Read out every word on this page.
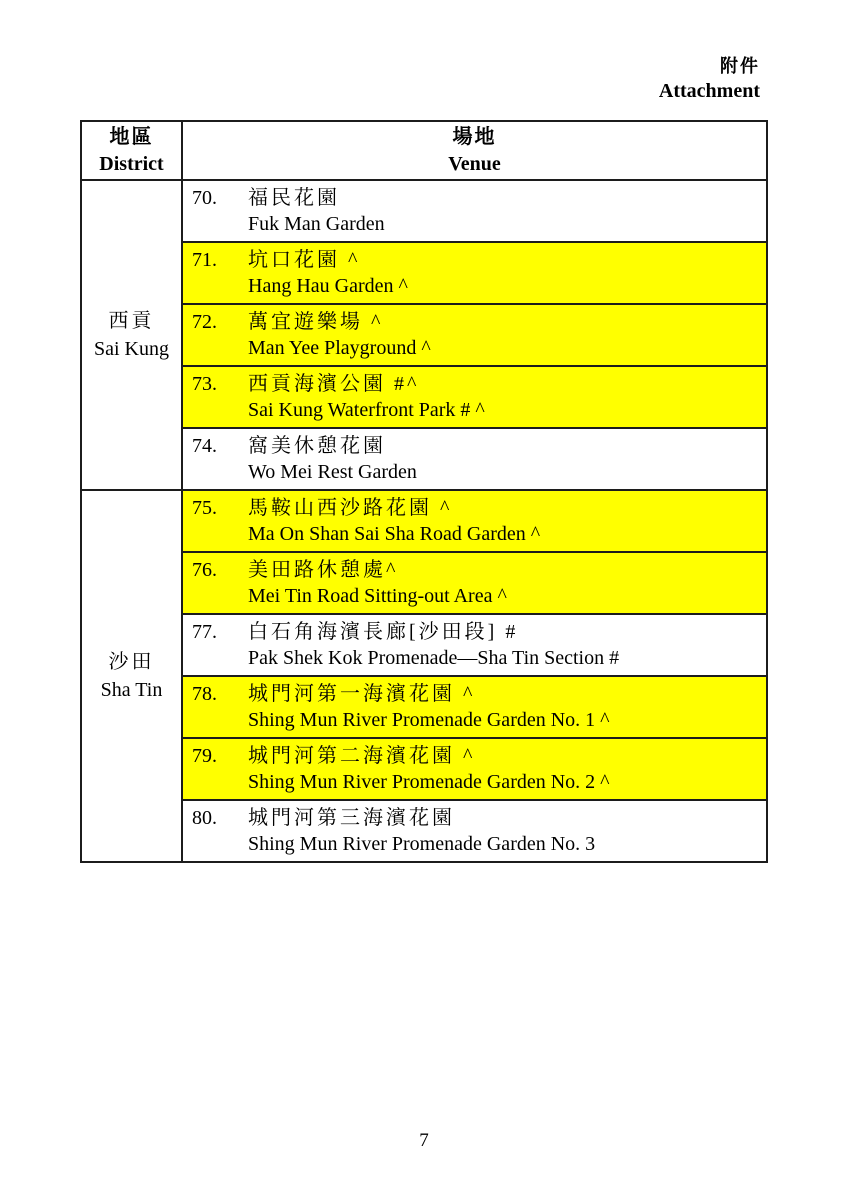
附件
Attachment
地區
District

場地
Venue

西貢
Sai Kung

70.	福民花園
Fuk Man Garden

	71. 坑口花園 ^
Hang Hau Garden ^

	72. 萬宜遊樂場 ^
Man Yee Playground ^

	73. 西貢海濱公園 #^
Sai Kung Waterfront Park # ^

	74. 窩美休憩花園
Wo Mei Rest Garden

沙田
Sha Tin

75.	馬鞍山西沙路花園 ^
Ma On Shan Sai Sha Road Garden ^

	76. 美田路休憩處^
Mei Tin Road Sitting-out Area ^

	77. 白石角海濱長廊[沙田段] #
Pak Shek Kok Promenade—Sha Tin Section #

	78. 城門河第一海濱花園 ^
Shing Mun River Promenade Garden No. 1 ^

	79. 城門河第二海濱花園 ^
Shing Mun River Promenade Garden No. 2 ^

	80. 城門河第三海濱花園
Shing Mun River Promenade Garden No. 3
7
